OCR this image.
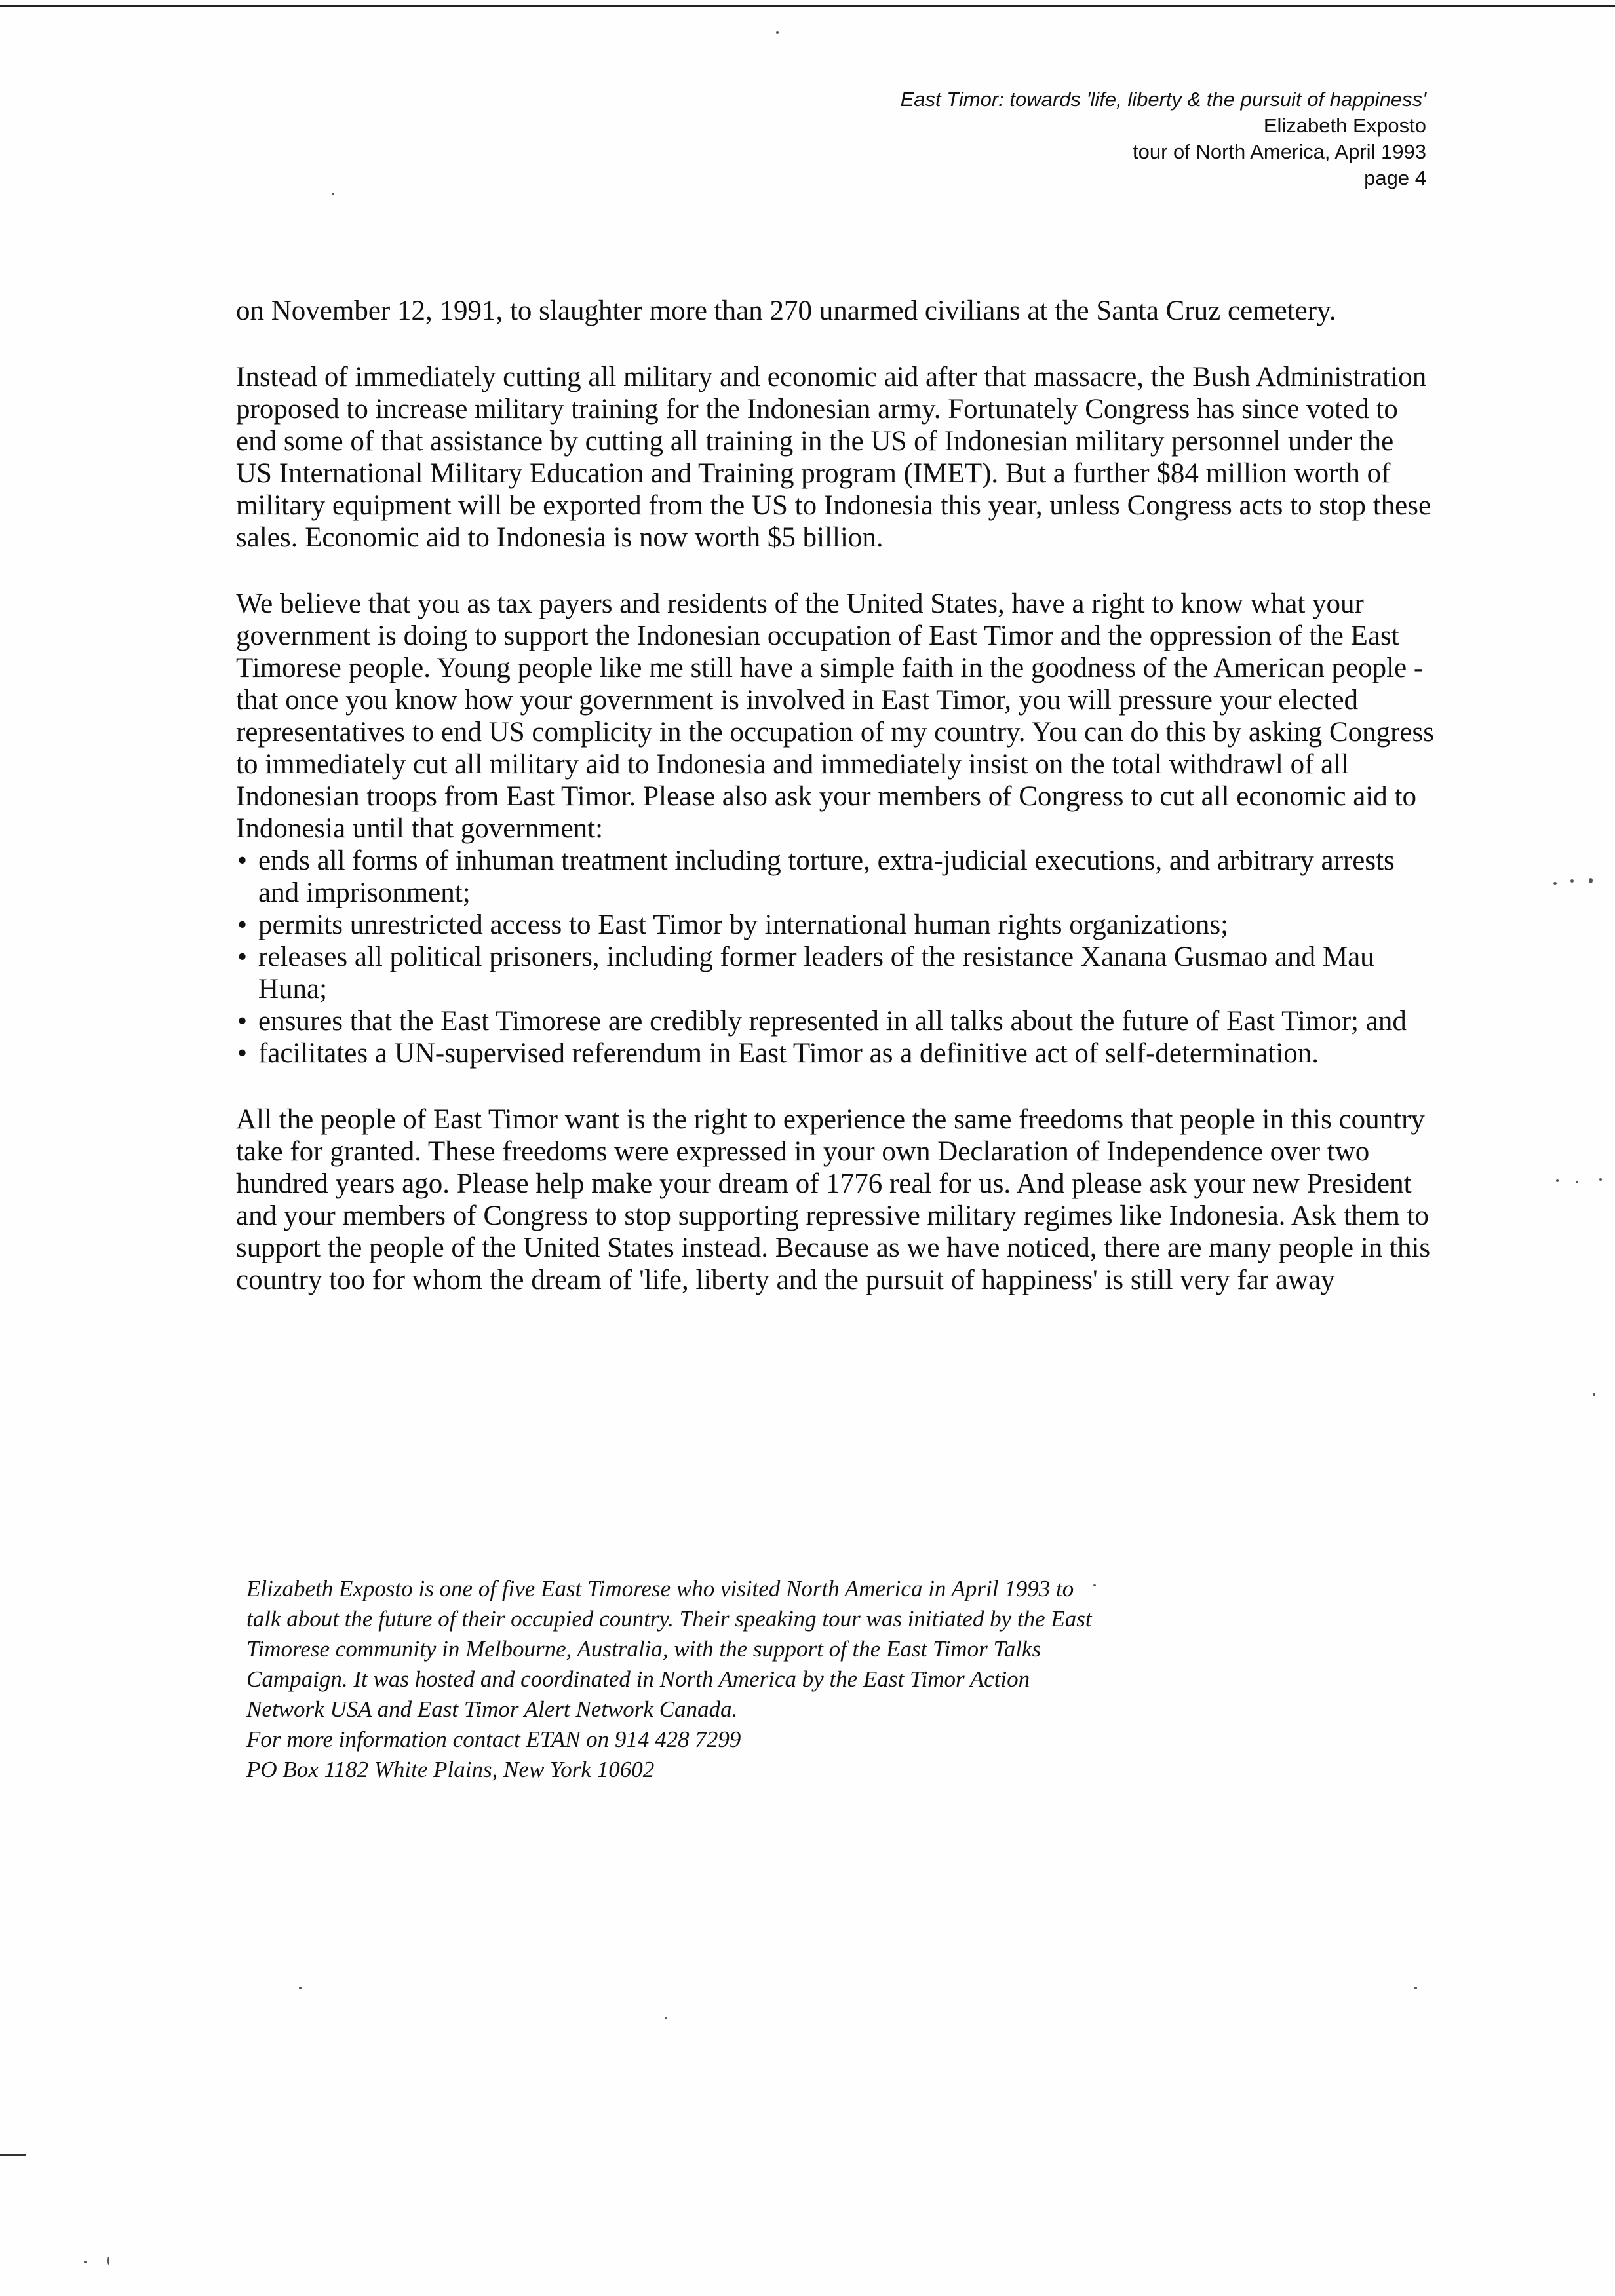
East Timor: towards 'life, liberty & the pursuit of happiness'
Elizabeth Exposto
tour of North America, April 1993
page 4

on November 12, 1991, to slaughter more than 270 unarmed civilians at the Santa Cruz cemetery.

Instead of immediately cutting all military and economic aid after that massacre, the Bush Administration proposed to increase military training for the Indonesian army. Fortunately Congress has since voted to end some of that assistance by cutting all training in the US of Indonesian military personnel under the US International Military Education and Training program (IMET). But a further $84 million worth of military equipment will be exported from the US to Indonesia this year, unless Congress acts to stop these sales. Economic aid to Indonesia is now worth $5 billion.

We believe that you as tax payers and residents of the United States, have a right to know what your government is doing to support the Indonesian occupation of East Timor and the oppression of the East Timorese people. Young people like me still have a simple faith in the goodness of the American people - that once you know how your government is involved in East Timor, you will pressure your elected representatives to end US complicity in the occupation of my country. You can do this by asking Congress to immediately cut all military aid to Indonesia and immediately insist on the total withdrawl of all Indonesian troops from East Timor. Please also ask your members of Congress to cut all economic aid to Indonesia until that government:

• ends all forms of inhuman treatment including torture, extra-judicial executions, and arbitrary arrests and imprisonment;
• permits unrestricted access to East Timor by international human rights organizations;
• releases all political prisoners, including former leaders of the resistance Xanana Gusmao and Mau Huna;
• ensures that the East Timorese are credibly represented in all talks about the future of East Timor; and
• facilitates a UN-supervised referendum in East Timor as a definitive act of self-determination.

All the people of East Timor want is the right to experience the same freedoms that people in this country take for granted. These freedoms were expressed in your own Declaration of Independence over two hundred years ago. Please help make your dream of 1776 real for us. And please ask your new President and your members of Congress to stop supporting repressive military regimes like Indonesia. Ask them to support the people of the United States instead. Because as we have noticed, there are many people in this country too for whom the dream of 'life, liberty and the pursuit of happiness' is still very far away

Elizabeth Exposto is one of five East Timorese who visited North America in April 1993 to talk about the future of their occupied country. Their speaking tour was initiated by the East Timorese community in Melbourne, Australia, with the support of the East Timor Talks Campaign. It was hosted and coordinated in North America by the East Timor Action Network USA and East Timor Alert Network Canada.

For more information contact ETAN on 914 428 7299

PO Box 1182 White Plains, New York 10602
